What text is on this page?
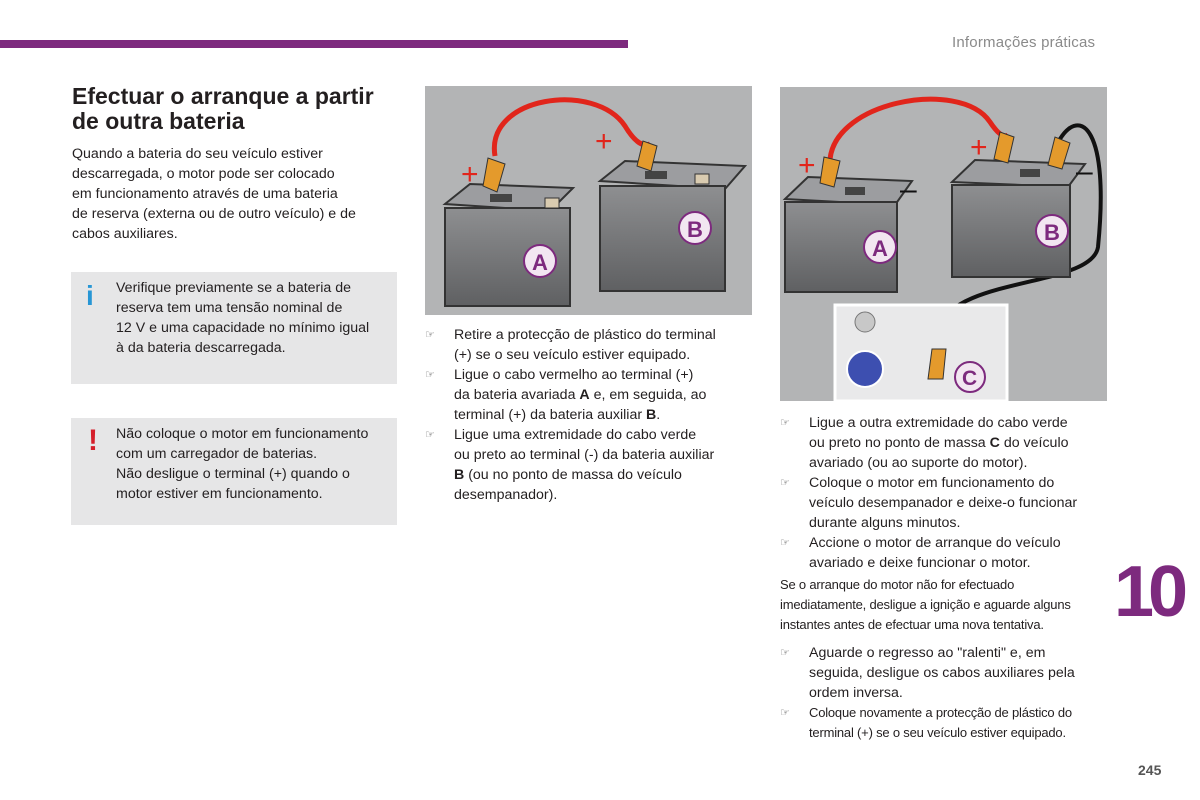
Informações práticas
10
245
Efectuar o arranque a partir
de outra bateria

Quando a bateria do seu veículo estiver
descarregada, o motor pode ser colocado
em funcionamento através de uma bateria
de reserva (externa ou de outro veículo) e de
cabos auxiliares.

i Verifique previamente se a bateria de
reserva tem uma tensão nominal de
12 V e uma capacidade no mínimo igual
à da bateria descarregada.

! Não coloque o motor em funcionamento
com um carregador de baterias.
Não desligue o terminal (+) quando o
motor estiver em funcionamento.

B
A
+
+
B
A
C
+
+
–
–
☞ Retire a protecção de plástico do terminal
(+) se o seu veículo estiver equipado.
☞ Ligue o cabo vermelho ao terminal (+)
da bateria avariada A e, em seguida, ao
terminal (+) da bateria auxiliar B.
☞ Ligue uma extremidade do cabo verde
ou preto ao terminal (-) da bateria auxiliar
B (ou no ponto de massa do veículo
desempanador).
☞ Ligue a outra extremidade do cabo verde
ou preto no ponto de massa C do veículo
avariado (ou ao suporte do motor).
☞ Coloque o motor em funcionamento do
veículo desempanador e deixe-o funcionar
durante alguns minutos.
☞ Accione o motor de arranque do veículo
avariado e deixe funcionar o motor.

Se o arranque do motor não for efectuado
imediatamente, desligue a ignição e aguarde alguns
instantes antes de efectuar uma nova tentativa.

☞ Aguarde o regresso ao "ralenti" e, em
seguida, desligue os cabos auxiliares pela
ordem inversa.
☞ Coloque novamente a protecção de plástico do
terminal (+) se o seu veículo estiver equipado.
